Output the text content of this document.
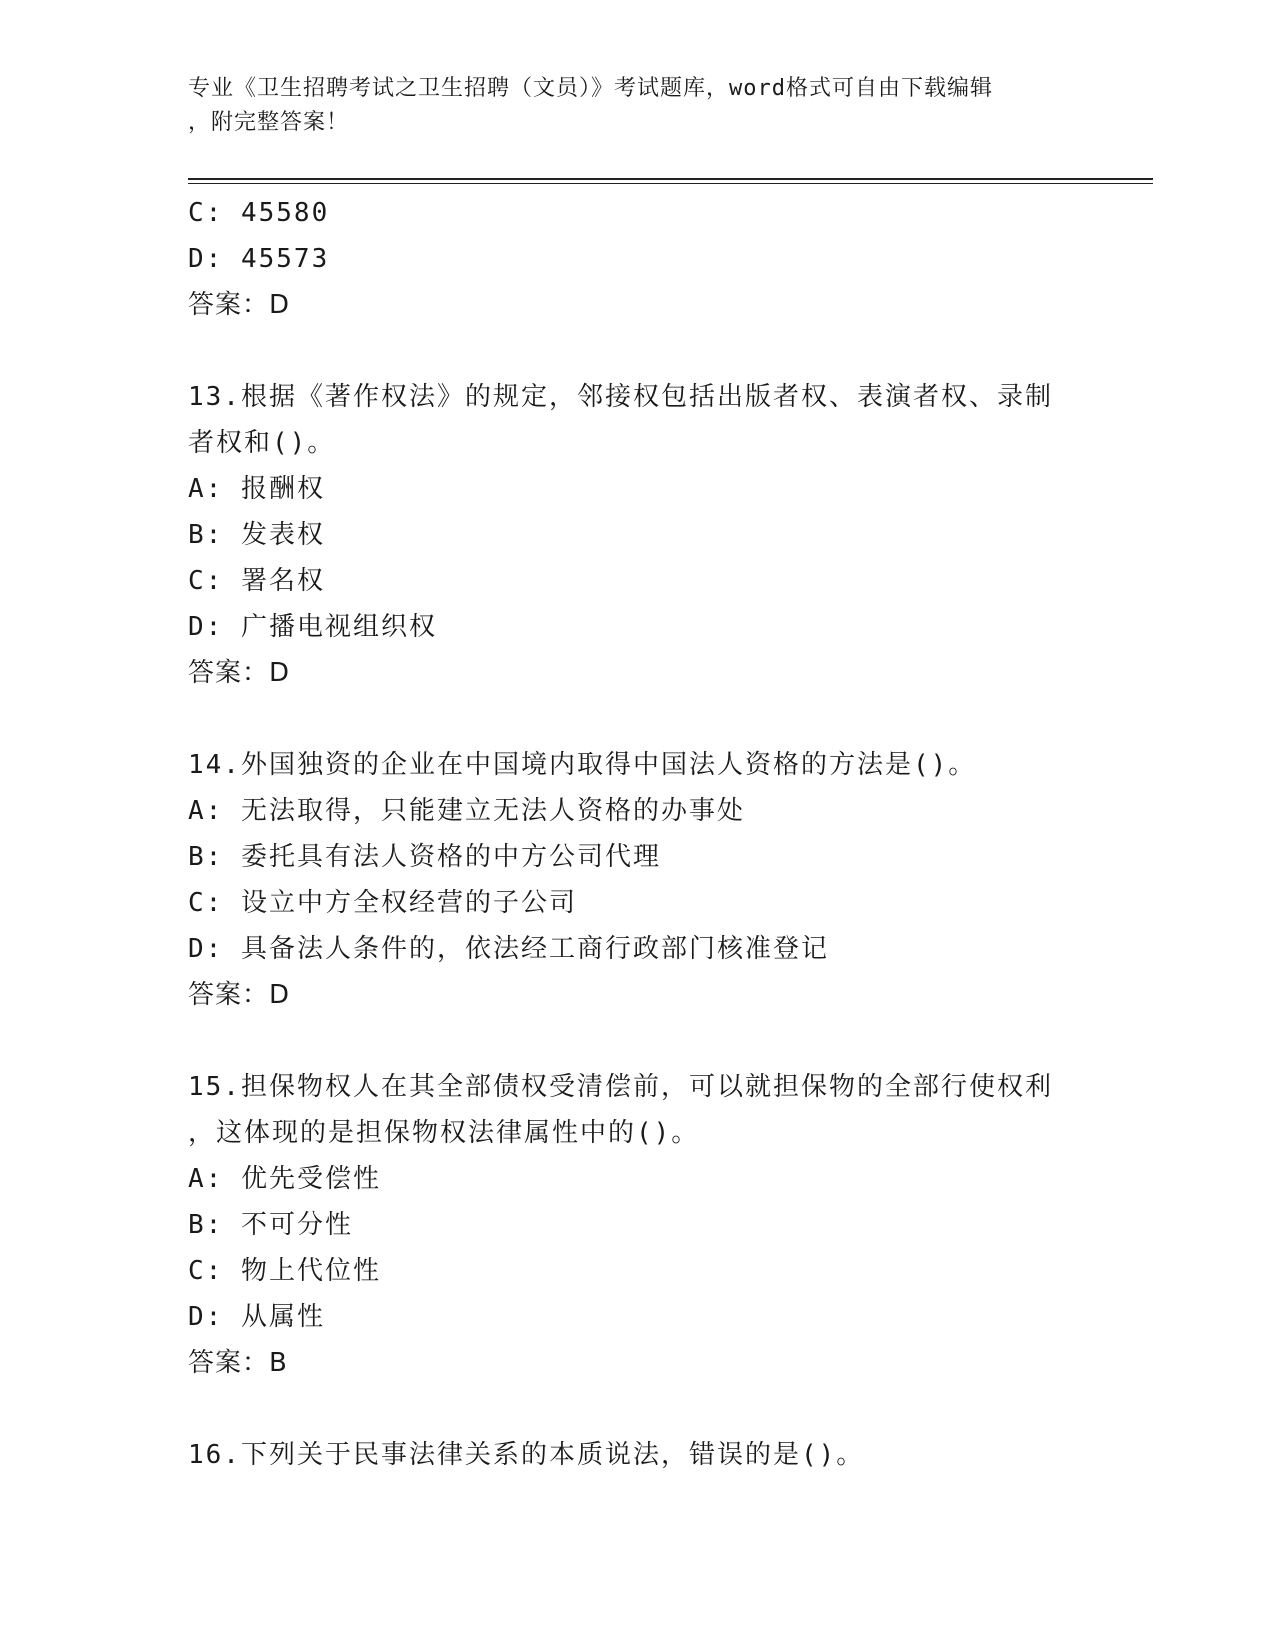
专业《卫生招聘考试之卫生招聘（文员）》考试题库，word格式可自由下载编辑
，附完整答案！
C: 45580
D: 45573
答案：D
13.根据《著作权法》的规定，邻接权包括出版者权、表演者权、录制
者权和()。
A: 报酬权
B: 发表权
C: 署名权
D: 广播电视组织权
答案：D
14.外国独资的企业在中国境内取得中国法人资格的方法是()。
A: 无法取得，只能建立无法人资格的办事处
B: 委托具有法人资格的中方公司代理
C: 设立中方全权经营的子公司
D: 具备法人条件的，依法经工商行政部门核准登记
答案：D
15.担保物权人在其全部债权受清偿前，可以就担保物的全部行使权利
，这体现的是担保物权法律属性中的()。
A: 优先受偿性
B: 不可分性
C: 物上代位性
D: 从属性
答案：B
16.下列关于民事法律关系的本质说法，错误的是()。
